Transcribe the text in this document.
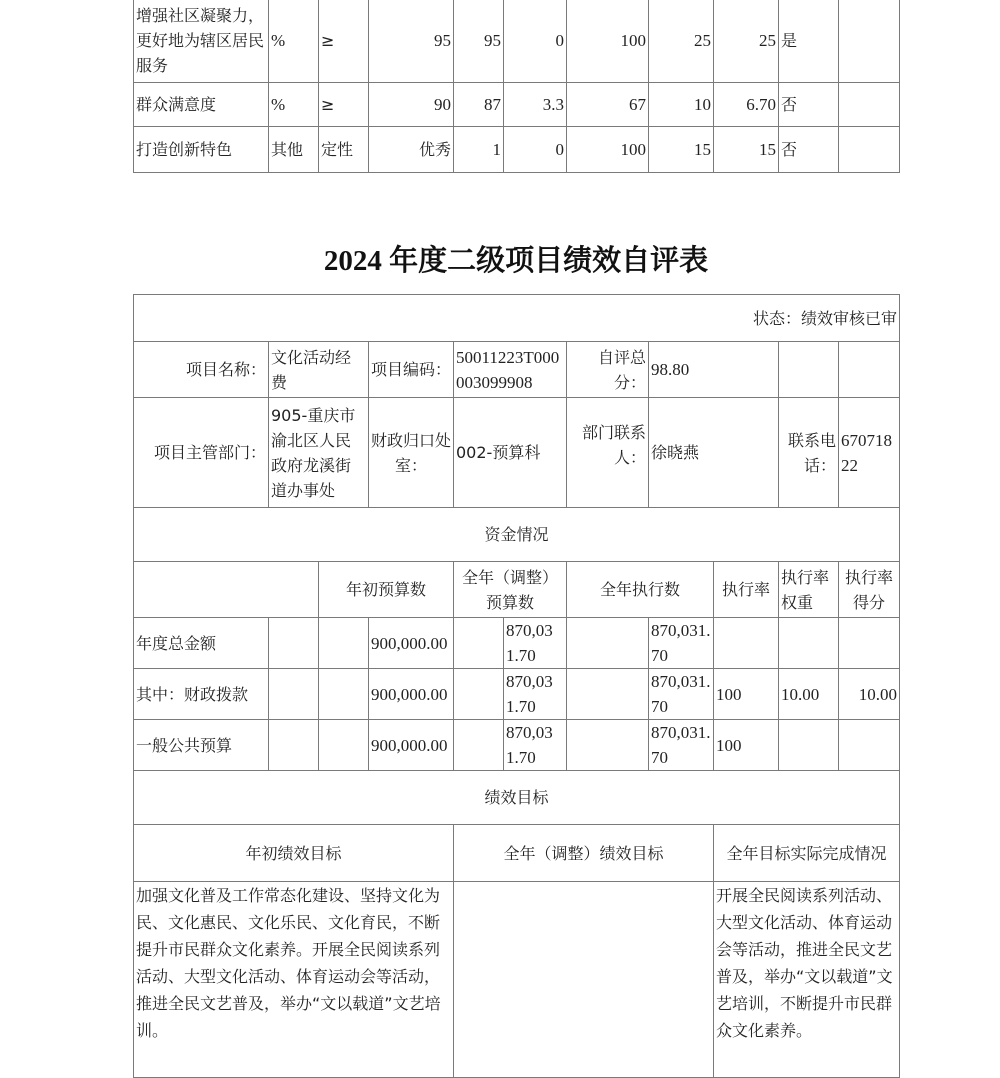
增强社区凝聚力，更好地为辖区居民服务	%	≥	95	95	0	100	25	25	是	
群众满意度	%	≥	90	87	3.3	67	10	6.70	否	
打造创新特色	其他	定性	优秀	1	0	100	15	15	否	
2024 年度二级项目绩效自评表
状态：绩效审核已审										
项目名称：	文化活动经费		项目编码：	50011223T000003099908		自评总分：	98.80			
项目主管部门：	905-重庆市渝北区人民政府龙溪街道办事处		财政归口处室：	002-预算科		部门联系人：	徐晓燕		联系电话：	67071822
资金情况										
		年初预算数		全年（调整）预算数		全年执行数		执行率	执行率权重	执行率得分
年度总金额			900,000.00		870,031.70		870,031.70			
其中：财政拨款			900,000.00		870,031.70		870,031.70	100	10.00	10.00
一般公共预算			900,000.00		870,031.70		870,031.70	100		
绩效目标										
年初绩效目标				全年（调整）绩效目标				全年目标实际完成情况		
加强文化普及工作常态化建设、坚持文化为民、文化惠民、文化乐民、文化育民，不断提升市民群众文化素养。开展全民阅读系列活动、大型文化活动、体育运动会等活动，推进全民文艺普及，举办“文以载道”文艺培训。								开展全民阅读系列活动、大型文化活动、体育运动会等活动，推进全民文艺普及，举办“文以载道”文艺培训，不断提升市民群众文化素养。		
